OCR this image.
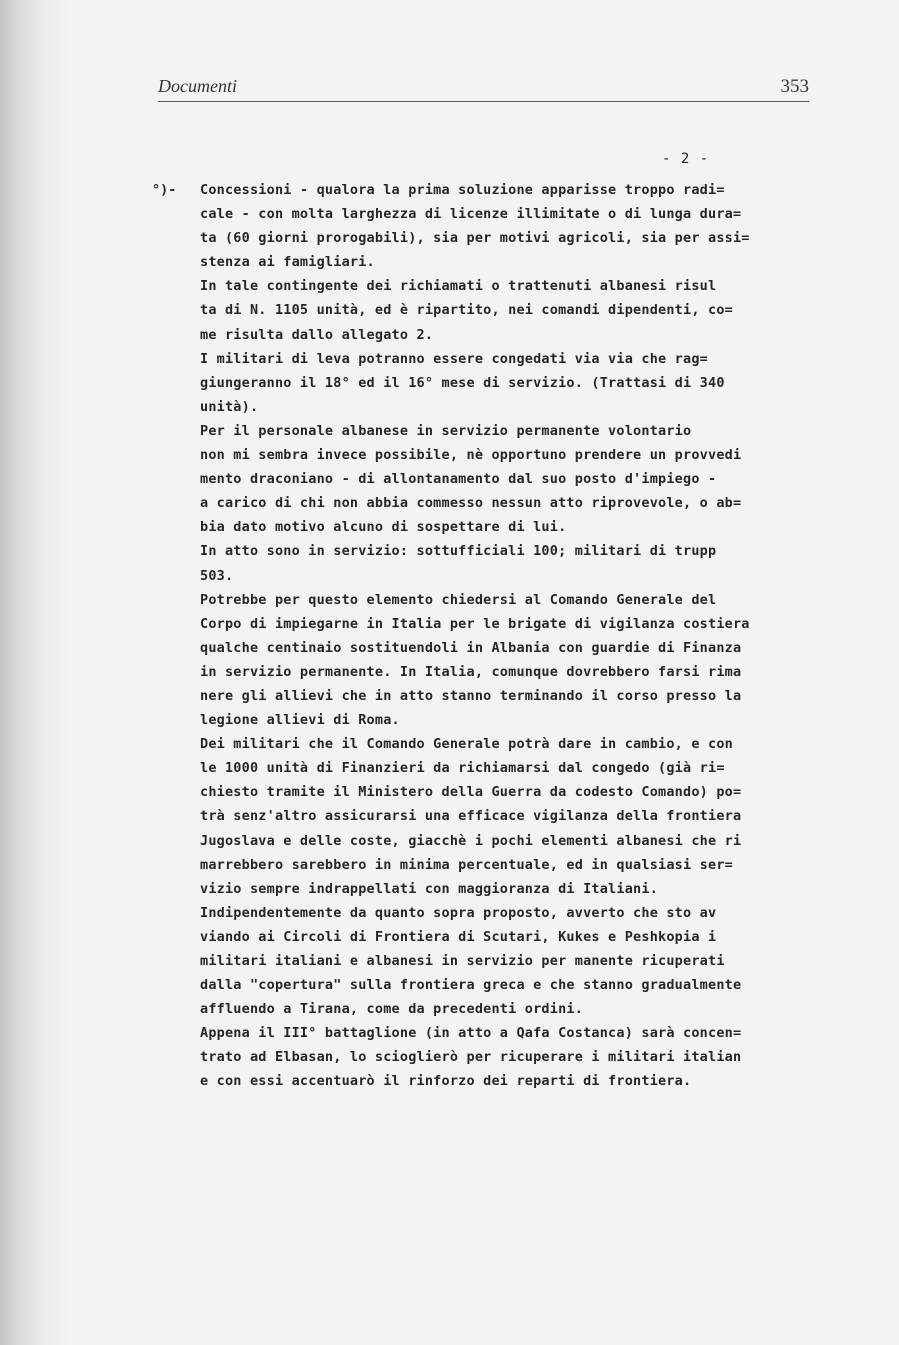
Documenti	353
- 2 -
°)- Concessioni - qualora la prima soluzione apparisse troppo radi=

cale - con molta larghezza di licenze illimitate o di lunga dura=

ta (60 giorni prorogabili), sia per motivi agricoli, sia per assi=

stenza ai famigliari.

In tale contingente dei richiamati o trattenuti albanesi risul

ta di N. 1105 unità, ed è ripartito, nei comandi dipendenti, co=

me risulta dallo allegato 2.

I militari di leva potranno essere congedati via via che rag=

giungeranno il 18° ed il 16° mese di servizio. (Trattasi di 340

unità).

Per il personale albanese in servizio permanente volontario

non mi sembra invece possibile, nè opportuno prendere un provvedi

mento draconiano - di allontanamento dal suo posto d'impiego -

a carico di chi non abbia commesso nessun atto riprovevole, o ab=

bia dato motivo alcuno di sospettare di lui.

In atto sono in servizio: sottufficiali 100; militari di trupp

503.

Potrebbe per questo elemento chiedersi al Comando Generale del

Corpo di impiegarne in Italia per le brigate di vigilanza costiera

qualche centinaio sostituendoli in Albania con guardie di Finanza

in servizio permanente. In Italia, comunque dovrebbero farsi rima

nere gli allievi che in atto stanno terminando il corso presso la

legione allievi di Roma.

Dei militari che il Comando Generale potrà dare in cambio, e con

le 1000 unità di Finanzieri da richiamarsi dal congedo (già ri=

chiesto tramite il Ministero della Guerra da codesto Comando) po=

trà senz'altro assicurarsi una efficace vigilanza della frontiera

Jugoslava e delle coste, giacchè i pochi elementi albanesi che ri

marrebbero sarebbero in minima percentuale, ed in qualsiasi ser=

vizio sempre indrappellati con maggioranza di Italiani.

Indipendentemente da quanto sopra proposto, avverto che sto av

viando ai Circoli di Frontiera di Scutari, Kukes e Peshkopia i

militari italiani e albanesi in servizio per manente ricuperati

dalla "copertura" sulla frontiera greca e che stanno gradualmente

affluendo a Tirana, come da precedenti ordini.

Appena il III° battaglione (in atto a Qafa Costanca) sarà concen=

trato ad Elbasan, lo scioglierò per ricuperare i militari italian

e con essi accentuarò il rinforzo dei reparti di frontiera.
